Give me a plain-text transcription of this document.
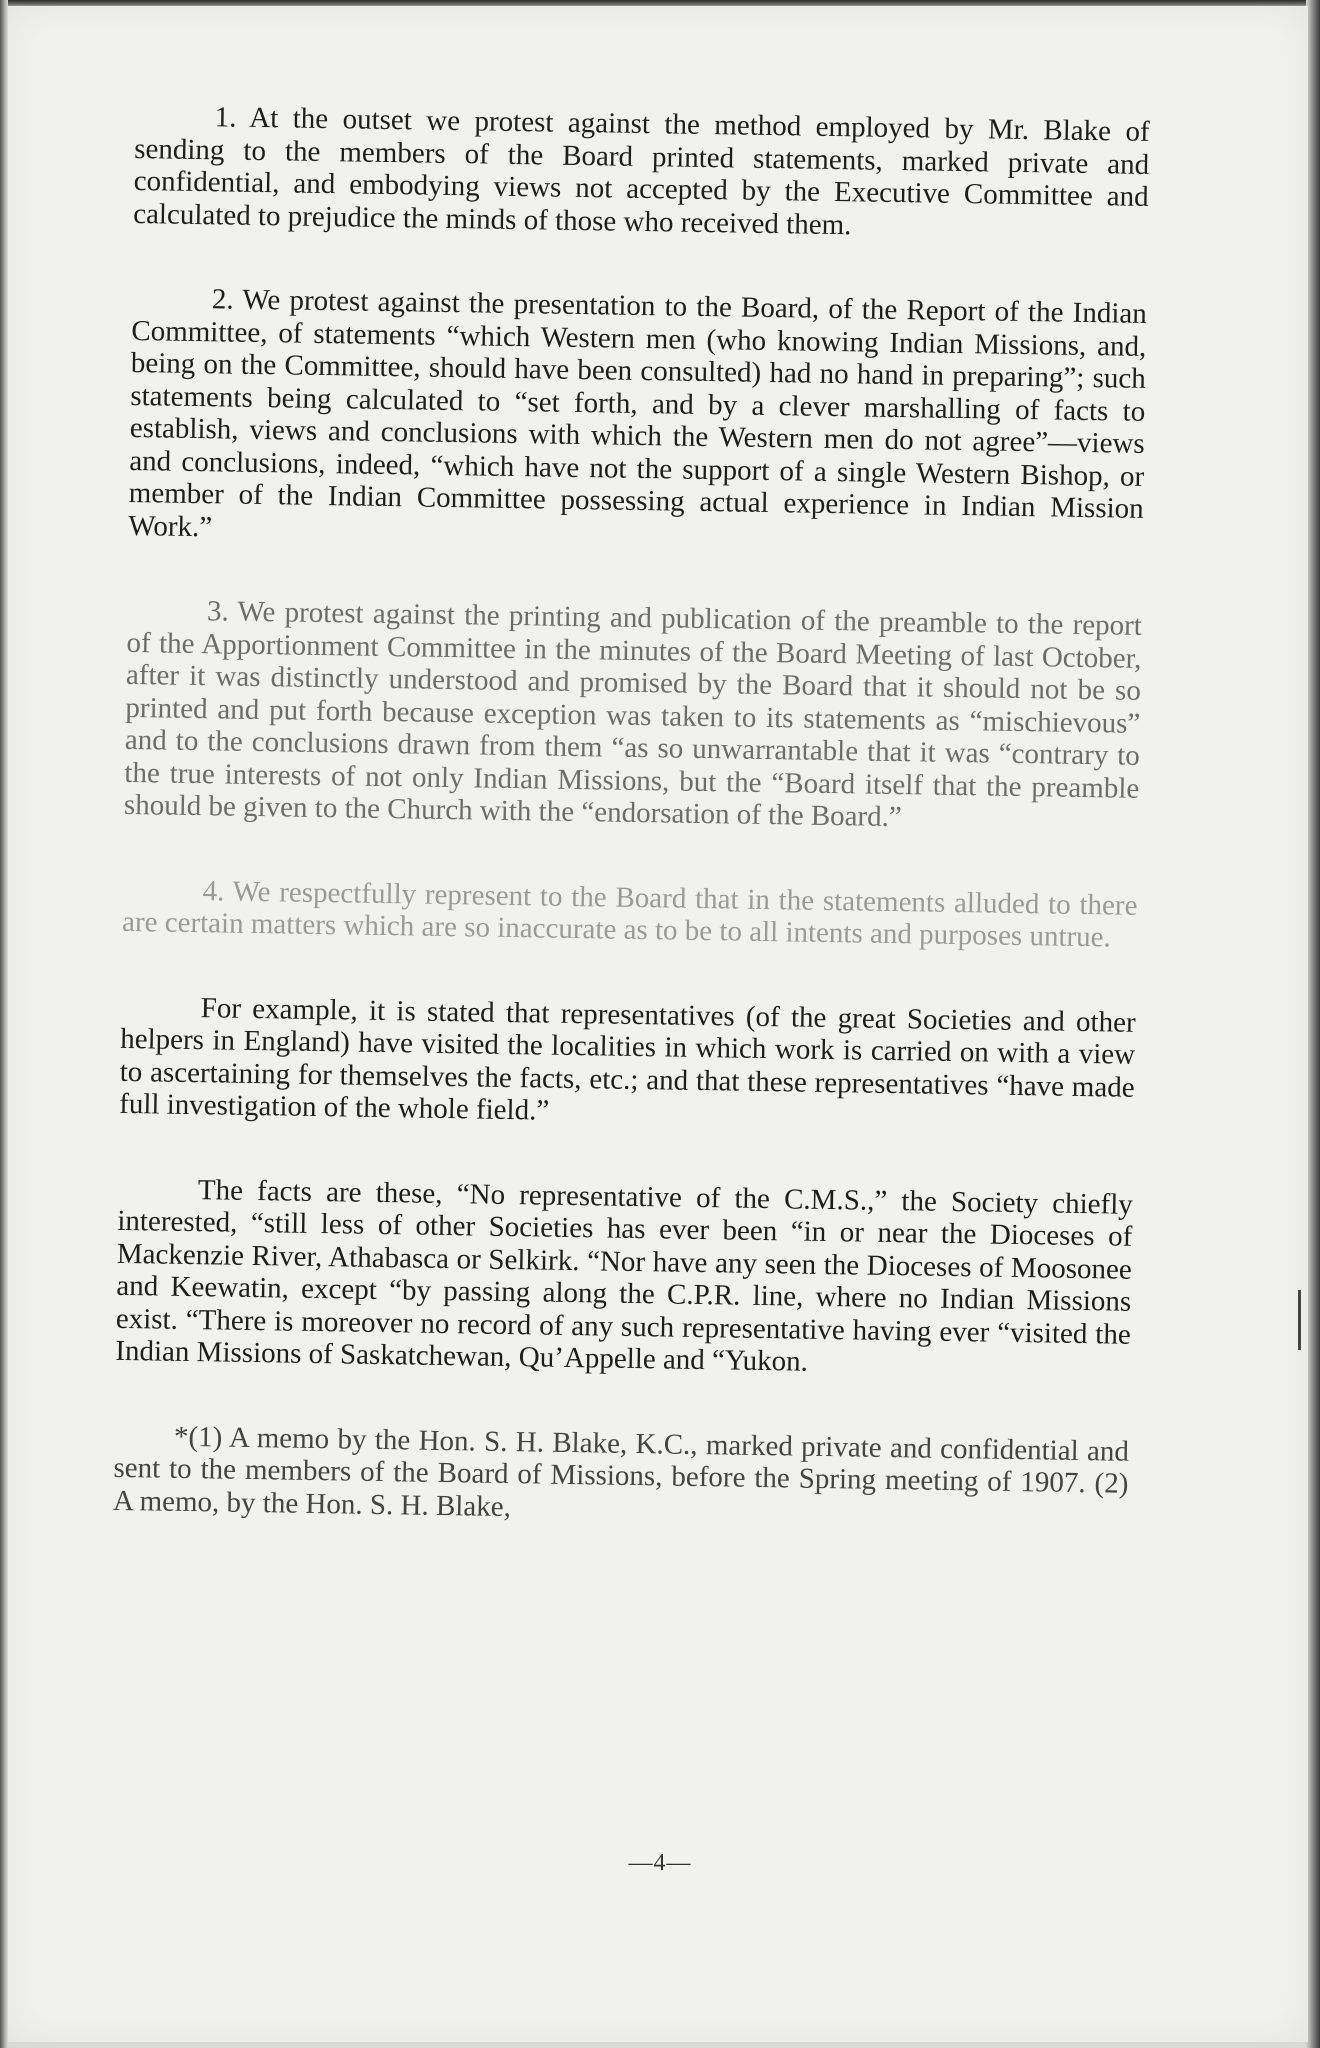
1. At the outset we protest against the method employed by Mr. Blake of sending to the members of the Board printed statements, marked private and confidential, and embodying views not accepted by the Executive Committee and calculated to prejudice the minds of those who received them.

2. We protest against the presentation to the Board, of the Report of the Indian Committee, of statements “which Western men (who knowing Indian Missions, and, being on the Committee, should have been consulted) had no hand in preparing”; such statements being calculated to “set forth, and by a clever marshalling of facts to establish, views and conclusions with which the Western men do not agree”—views and conclusions, indeed, “which have not the support of a single Western Bishop, or member of the Indian Committee possessing actual experience in Indian Mission Work.”

3. We protest against the printing and publication of the preamble to the report of the Apportionment Committee in the minutes of the Board Meeting of last October, after it was distinctly understood and promised by the Board that it should not be so printed and put forth because exception was taken to its statements as “mischievous” and to the conclusions drawn from them “as so unwarrantable that it was “contrary to the true interests of not only Indian Missions, but the “Board itself that the preamble should be given to the Church with the “endorsation of the Board.”

4. We respectfully represent to the Board that in the statements alluded to there are certain matters which are so inaccurate as to be to all intents and purposes untrue.

For example, it is stated that representatives (of the great Societies and other helpers in England) have visited the localities in which work is carried on with a view to ascertaining for themselves the facts, etc.; and that these representatives “have made full investigation of the whole field.”

The facts are these, “No representative of the C.M.S.,” the Society chiefly interested, “still less of other Societies has ever been “in or near the Dioceses of Mackenzie River, Athabasca or Selkirk. “Nor have any seen the Dioceses of Moosonee and Keewatin, except “by passing along the C.P.R. line, where no Indian Missions exist. “There is moreover no record of any such representative having ever “visited the Indian Missions of Saskatchewan, Qu’Appelle and “Yukon.

*(1) A memo by the Hon. S. H. Blake, K.C., marked private and confidential and sent to the members of the Board of Missions, before the Spring meeting of 1907. (2) A memo, by the Hon. S. H. Blake,

—4—
